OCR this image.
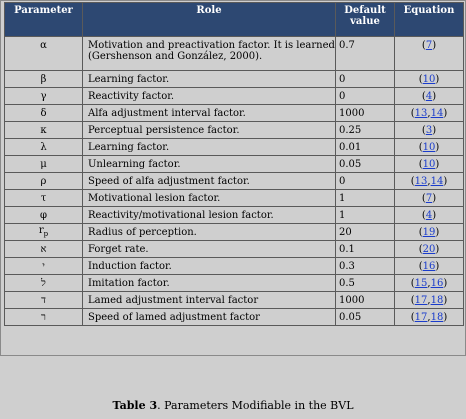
Parameter	Role	Default value	Equation
α	Motivation and preactivation factor. It is learned (Gershenson and González, 2000).	0.7	(7)
β	Learning factor.	0	(10)
γ	Reactivity factor.	0	(4)
δ	Alfa adjustment interval factor.	1000	(13,14)
κ	Perceptual persistence factor.	0.25	(3)
λ	Learning factor.	0.01	(10)
μ	Unlearning factor.	0.05	(10)
ρ	Speed of alfa adjustment factor.	0	(13,14)
τ	Motivational lesion factor.	1	(7)
φ	Reactivity/motivational lesion factor.	1	(4)
$r_p$	Radius of perception.	20	(19)
א	Forget rate.	0.1	(20)
י	Induction factor.	0.3	(16)
ל	Imitation factor.	0.5	(15,16)
ד	Lamed adjustment interval factor	1000	(17,18)
ר	Speed of lamed adjustment factor	0.05	(17,18)
Table 3. Parameters Modifiable in the BVL
